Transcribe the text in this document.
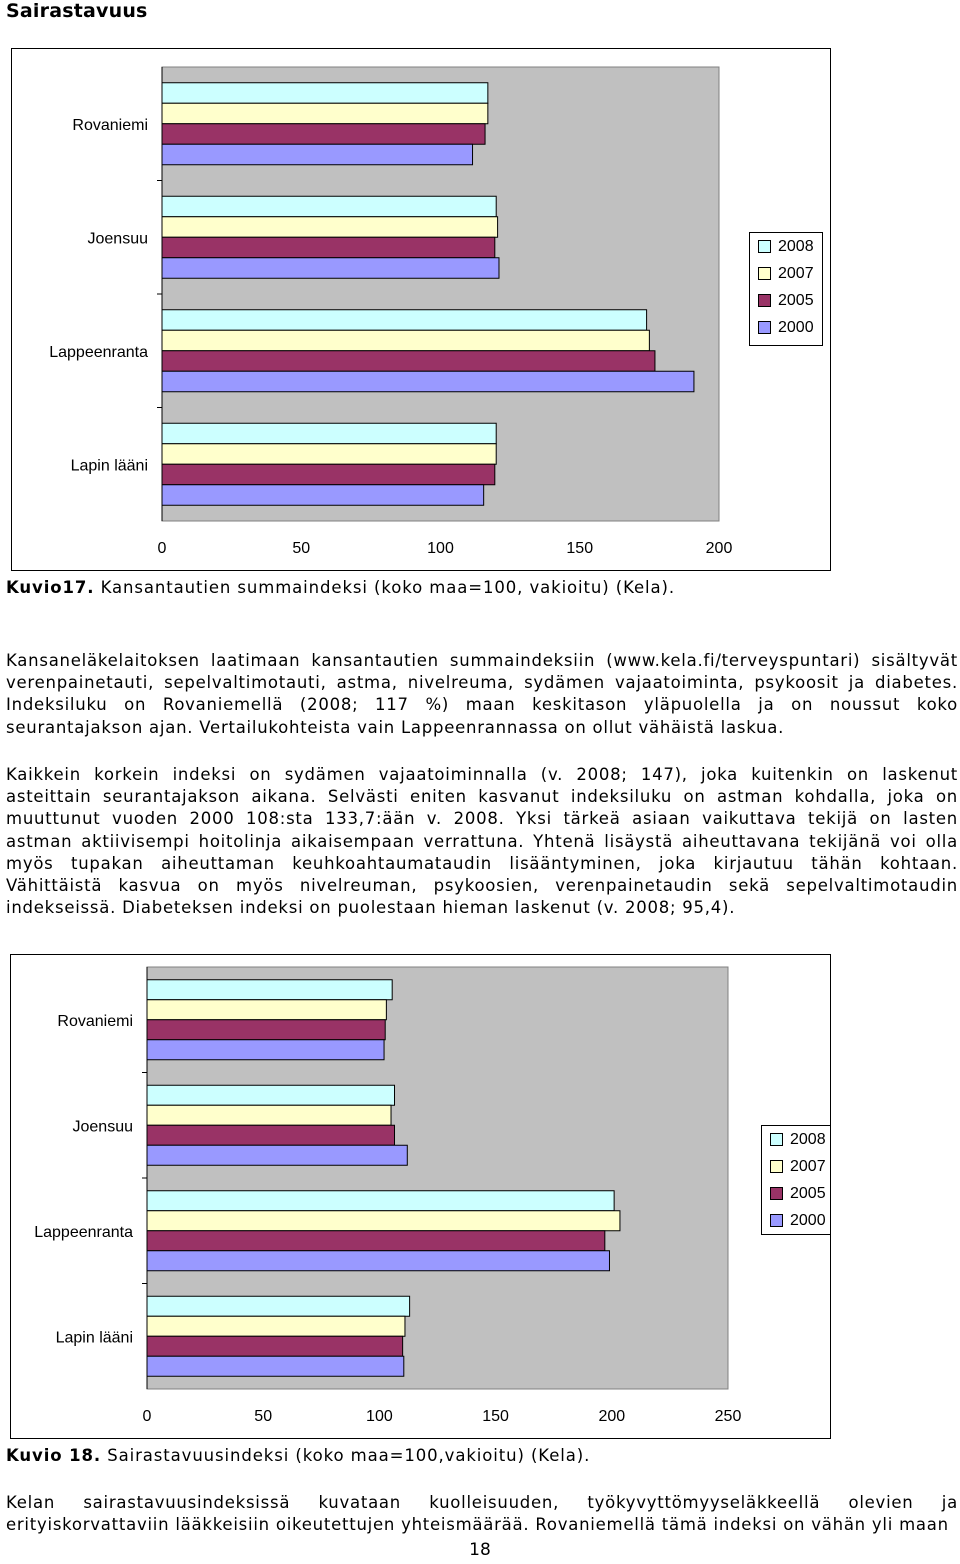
Sairastavuus
Rovaniemi
Joensuu
Lappeenranta
Lapin lääni
0	50	100	150	200
2008
2007
2005
2000
Kuvio17. Kansantautien summaindeksi (koko maa=100, vakioitu) (Kela).
Kansaneläkelaitoksen laatimaan kansantautien summaindeksiin (www.kela.fi/terveyspuntari) sisältyvät verenpainetauti, sepelvaltimotauti, astma, nivelreuma, sydämen vajaatoiminta, psykoosit ja diabetes. Indeksiluku on Rovaniemellä (2008; 117 %) maan keskitason yläpuolella ja on noussut koko seurantajakson ajan. Vertailukohteista vain Lappeenrannassa on ollut vähäistä laskua.
Kaikkein korkein indeksi on sydämen vajaatoiminnalla (v. 2008; 147), joka kuitenkin on laskenut asteittain seurantajakson aikana. Selvästi eniten kasvanut indeksiluku on astman kohdalla, joka on muuttunut vuoden 2000 108:sta 133,7:ään v. 2008. Yksi tärkeä asiaan vaikuttava tekijä on lasten astman aktiivisempi hoitolinja aikaisempaan verrattuna. Yhtenä lisäystä aiheuttavana tekijänä voi olla myös tupakan aiheuttaman keuhkoahtaumataudin lisääntyminen, joka kirjautuu tähän kohtaan. Vähittäistä kasvua on myös nivelreuman, psykoosien, verenpainetaudin sekä sepelvaltimotaudin indekseissä. Diabeteksen indeksi on puolestaan hieman laskenut (v. 2008; 95,4).
Rovaniemi
Joensuu
Lappeenranta
Lapin lääni
0	50	100	150	200	250
2008
2007
2005
2000
Kuvio 18. Sairastavuusindeksi (koko maa=100,vakioitu) (Kela).
Kelan sairastavuusindeksissä kuvataan kuolleisuuden, työkyvyttömyyseläkkeellä olevien ja erityiskorvattaviin lääkkeisiin oikeutettujen yhteismäärää. Rovaniemellä tämä indeksi on vähän yli maan
18
